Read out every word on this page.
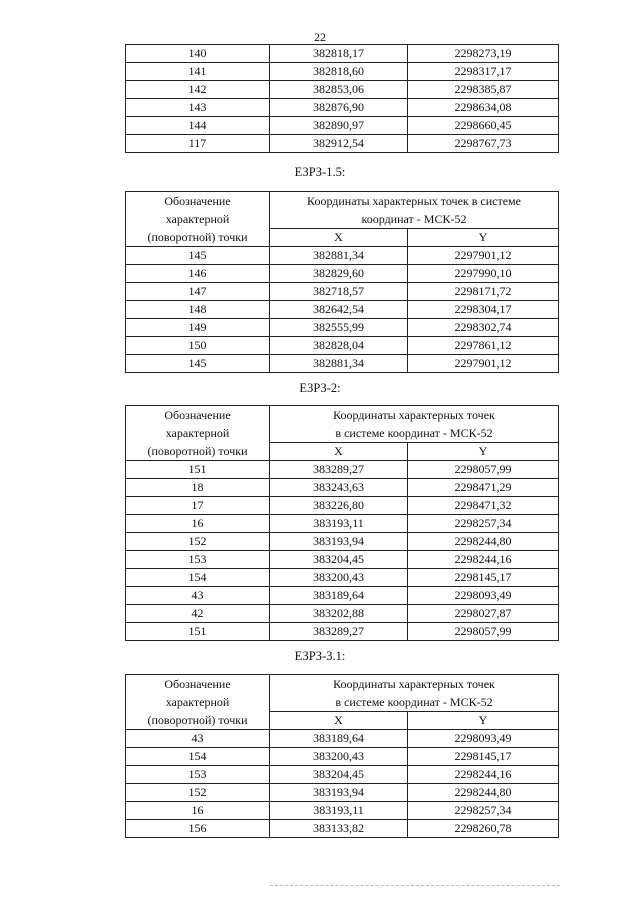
22
140	382818,17	2298273,19
141	382818,60	2298317,17
142	382853,06	2298385,87
143	382876,90	2298634,08
144	382890,97	2298660,45
117	382912,54	2298767,73
ЕЗРЗ-1.5:
Обозначение
характерной
(поворотной) точки	Координаты характерных точек в системе
координат - МСК-52	
	X	Y
145	382881,34	2297901,12
146	382829,60	2297990,10
147	382718,57	2298171,72
148	382642,54	2298304,17
149	382555,99	2298302,74
150	382828,04	2297861,12
145	382881,34	2297901,12
ЕЗРЗ-2:
Обозначение
характерной
(поворотной) точки	Координаты характерных точек
в системе координат - МСК-52	
	X	Y
151	383289,27	2298057,99
18	383243,63	2298471,29
17	383226,80	2298471,32
16	383193,11	2298257,34
152	383193,94	2298244,80
153	383204,45	2298244,16
154	383200,43	2298145,17
43	383189,64	2298093,49
42	383202,88	2298027,87
151	383289,27	2298057,99
ЕЗРЗ-3.1:
Обозначение
характерной
(поворотной) точки	Координаты характерных точек
в системе координат - МСК-52	
	X	Y
43	383189,64	2298093,49
154	383200,43	2298145,17
153	383204,45	2298244,16
152	383193,94	2298244,80
16	383193,11	2298257,34
156	383133,82	2298260,78
